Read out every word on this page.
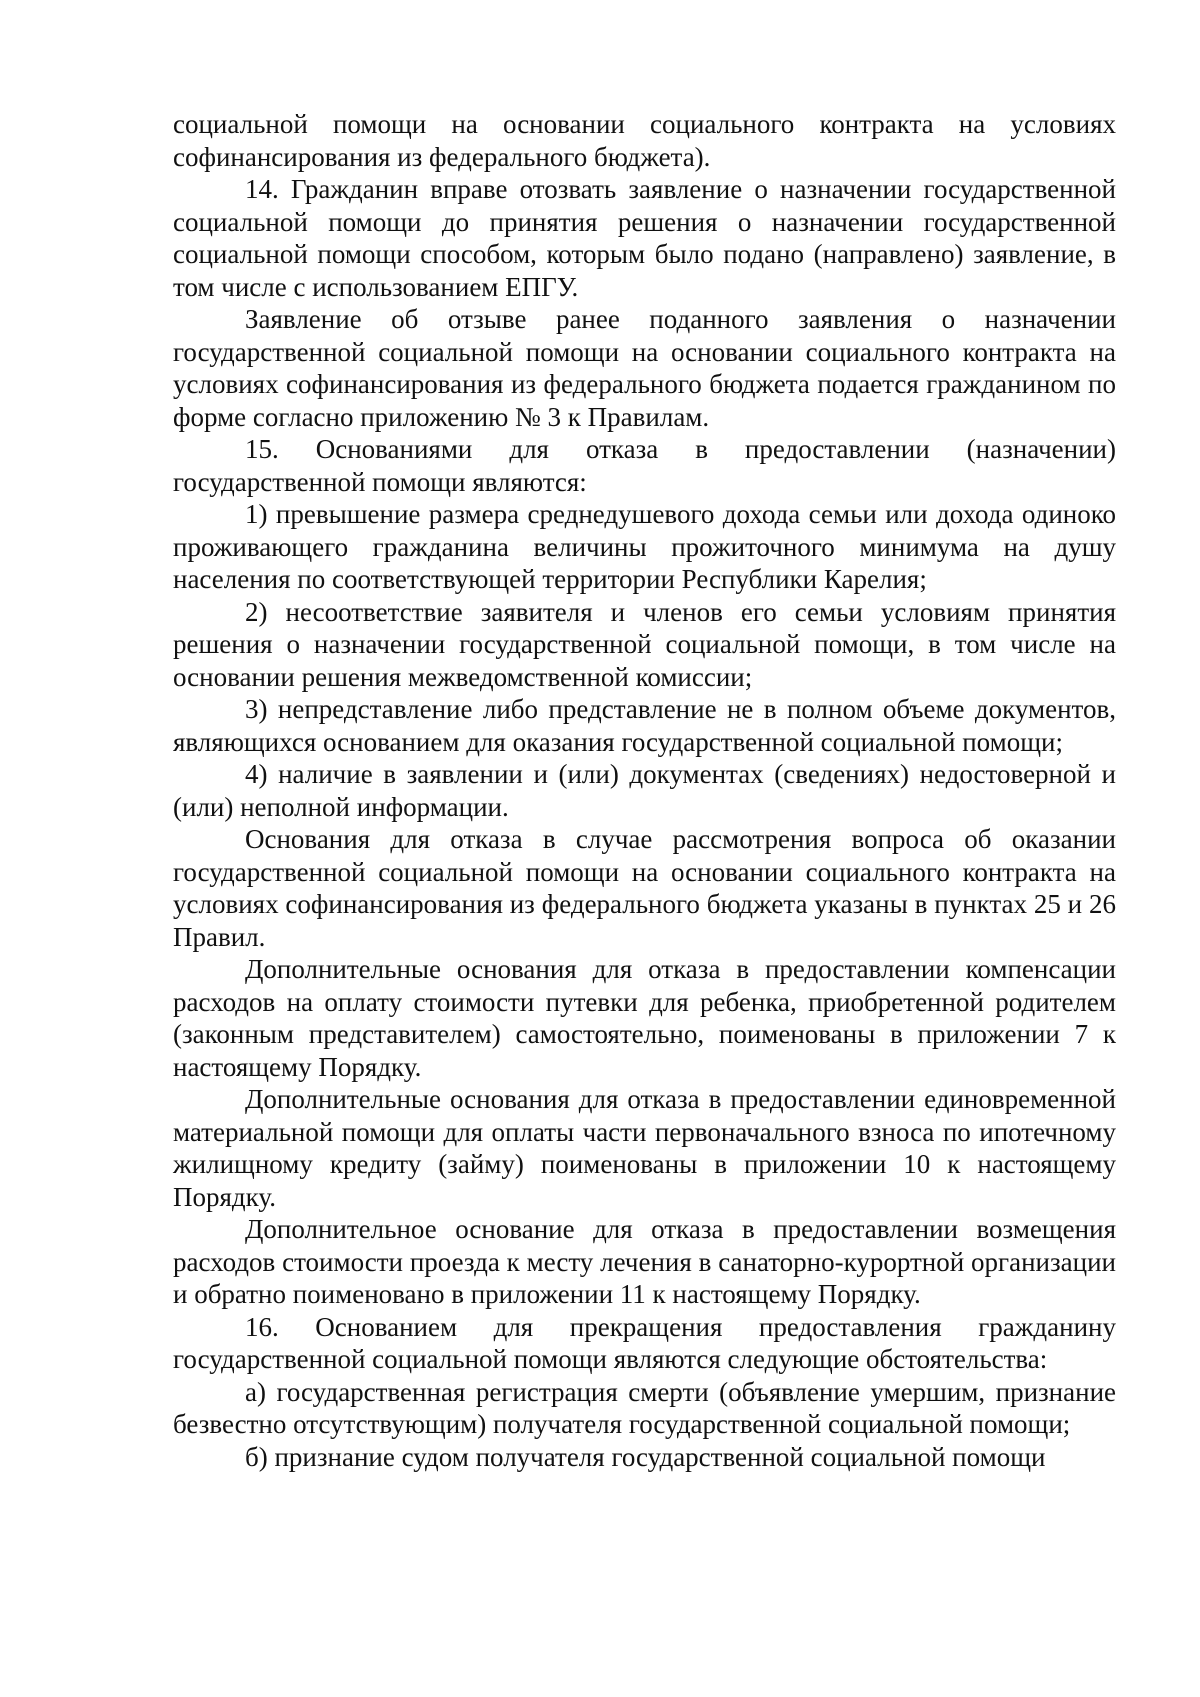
социальной помощи на основании социального контракта на условиях софинансирования из федерального бюджета).

14. Гражданин вправе отозвать заявление о назначении государственной социальной помощи до принятия решения о назначении государственной социальной помощи способом, которым было подано (направлено) заявление, в том числе с использованием ЕПГУ.

Заявление об отзыве ранее поданного заявления о назначении государственной социальной помощи на основании социального контракта на условиях софинансирования из федерального бюджета подается гражданином по форме согласно приложению № 3 к Правилам.

15. Основаниями для отказа в предоставлении (назначении) государственной помощи являются:

1) превышение размера среднедушевого дохода семьи или дохода одиноко проживающего гражданина величины прожиточного минимума на душу населения по соответствующей территории Республики Карелия;

2) несоответствие заявителя и членов его семьи условиям принятия решения о назначении государственной социальной помощи, в том числе на основании решения межведомственной комиссии;

3) непредставление либо представление не в полном объеме документов, являющихся основанием для оказания государственной социальной помощи;

4) наличие в заявлении и (или) документах (сведениях) недостоверной и (или) неполной информации.

Основания для отказа в случае рассмотрения вопроса об оказании государственной социальной помощи на основании социального контракта на условиях софинансирования из федерального бюджета указаны в пунктах 25 и 26 Правил.

Дополнительные основания для отказа в предоставлении компенсации расходов на оплату стоимости путевки для ребенка, приобретенной родителем (законным представителем) самостоятельно, поименованы в приложении 7 к настоящему Порядку.

Дополнительные основания для отказа в предоставлении единовременной материальной помощи для оплаты части первоначального взноса по ипотечному жилищному кредиту (займу) поименованы в приложении 10 к настоящему Порядку.

Дополнительное основание для отказа в предоставлении возмещения расходов стоимости проезда к месту лечения в санаторно-курортной организации и обратно поименовано в приложении 11 к настоящему Порядку.

16. Основанием для прекращения предоставления гражданину государственной социальной помощи являются следующие обстоятельства:

а) государственная регистрация смерти (объявление умершим, признание безвестно отсутствующим) получателя государственной социальной помощи;

б) признание судом получателя государственной социальной помощи
